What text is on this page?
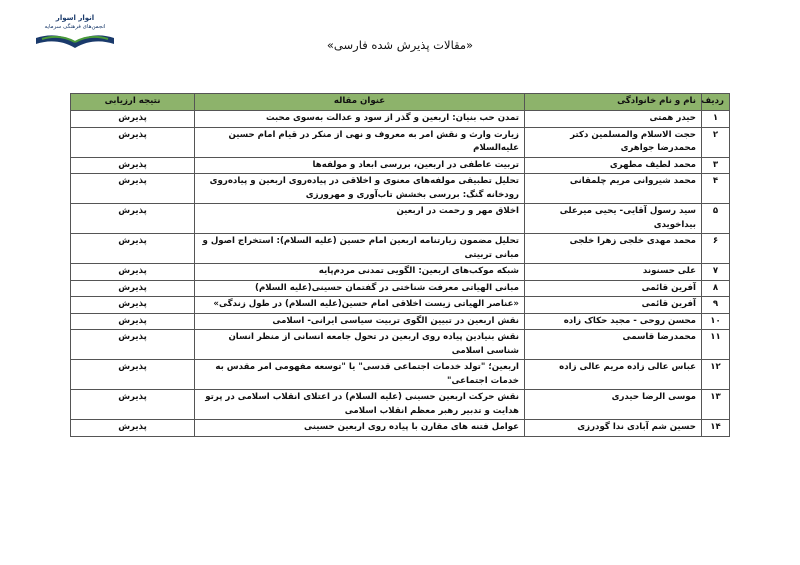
انوار اسوار
انجمن‌های فرهنگی سرمایه
«مقالات پذیرش شده فارسی»
ردیف	نام و نام خانوادگی	عنوان مقاله	نتیجه ارزیابی
۱	حیدر همتی	تمدن حب بنیان: اربعین و گذر از سود و عدالت به‌سوی محبت	پذیرش
۲	حجت الاسلام والمسلمین دکتر محمدرضا جواهری	زیارت وارث و نقش امر به معروف و نهی از منکر در قیام امام حسین علیه‌السلام	پذیرش
۳	محمد لطیف مطهری	تربیت عاطفی در اربعین، بررسی ابعاد و مولفه‌ها	پذیرش
۴	محمد شیروانی مریم چلمقانی	تحلیل تطبیقی مولفه‌های معنوی و اخلاقی در پیاده‌روی اربعین و پیاده‌روی رودخانه گنگ: بررسی بخشش تاب‌آوری و مهرورزی	پذیرش
۵	سید رسول آقایی- یحیی میرعلی بیداخویدی	اخلاق مهر و رحمت در اربعین	پذیرش
۶	محمد مهدی خلجی زهرا خلجی	تحلیل مضمون زیارتنامه اربعین امام حسین (علیه السلام): استخراج اصول و مبانی تربیتی	پذیرش
۷	علی حسنوند	شبکه موکب‌های اربعین: الگویی تمدنی مردم‌پایه	پذیرش
۸	آفرین قائمی	مبانی الهیاتی معرفت شناختی در گفتمان حسینی(علیه السلام)	پذیرش
۹	آفرین قائمی	«عناصر الهیاتی زیست اخلاقی امام حسین(علیه السلام) در طول زندگی»	پذیرش
۱۰	محسن روحی - مجید حکاک زاده	نقش اربعین در تبیین الگوی تربیت سیاسی ایرانی- اسلامی	پذیرش
۱۱	محمدرضا قاسمی	نقش بنیادین پیاده روی اربعین در تحول جامعه انسانی از منظر انسان شناسی اسلامی	پذیرش
۱۲	عباس عالی زاده مریم عالی زاده	اربعین؛ "تولد خدمات اجتماعی قدسی" یا "توسعه مفهومی امر مقدس به خدمات اجتماعی"	پذیرش
۱۳	موسی الرضا حیدری	نقش حرکت اربعین حسینی (علیه السلام) در اعتلای انقلاب اسلامی در پرتو هدایت و تدبیر رهبر معظم انقلاب اسلامی	پذیرش
۱۴	حسین شم آبادی ندا گودرزی	عوامل فتنه های مقارن با پیاده روی اربعین حسینی	پذیرش
